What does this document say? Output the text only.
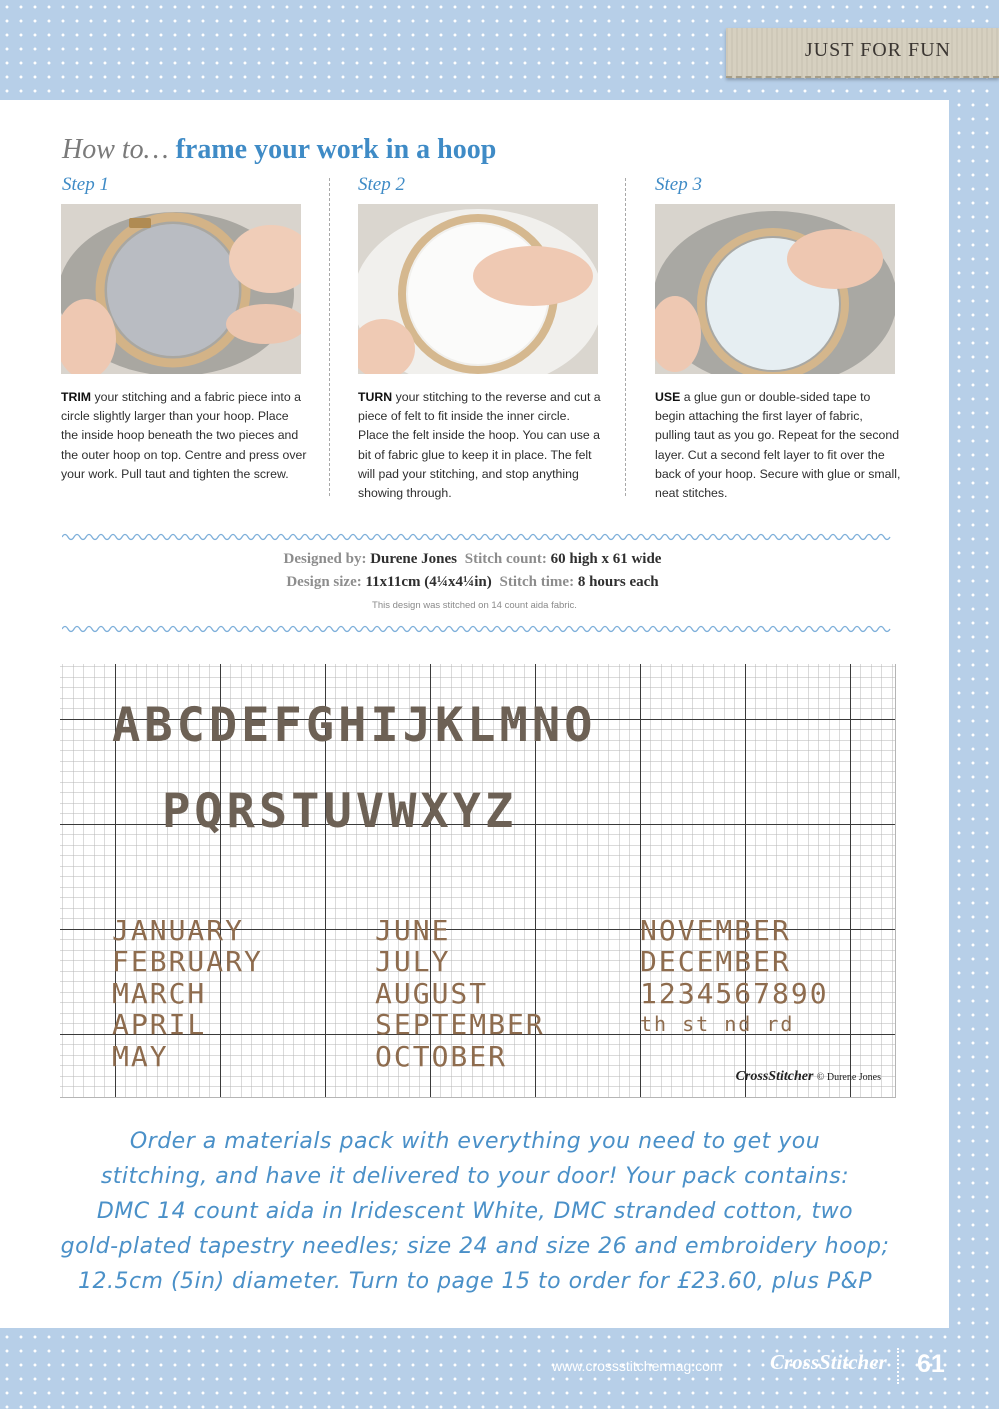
JUST FOR FUN
How to… frame your work in a hoop
Step 1
TRIM your stitching and a fabric piece into a circle slightly larger than your hoop. Place the inside hoop beneath the two pieces and the outer hoop on top. Centre and press over your work. Pull taut and tighten the screw.
Step 2
TURN your stitching to the reverse and cut a piece of felt to fit inside the inner circle. Place the felt inside the hoop. You can use a bit of fabric glue to keep it in place. The felt will pad your stitching, and stop anything showing through.
Step 3
USE a glue gun or double-sided tape to begin attaching the first layer of fabric, pulling taut as you go. Repeat for the second layer. Cut a second felt layer to fit over the back of your hoop. Secure with glue or small, neat stitches.
Designed by: Durene Jones Stitch count: 60 high x 61 wide
Design size: 11x11cm (4¼x4¼in) Stitch time: 8 hours each
This design was stitched on 14 count aida fabric.
ABCDEFGHIJKLMNO
PQRSTUVWXYZ
JANUARY
FEBRUARY
MARCH
APRIL
MAY
JUNE
JULY
AUGUST
SEPTEMBER
OCTOBER
NOVEMBER
DECEMBER
1234567890
th st nd rd
CrossStitcher © Durene Jones
Order a materials pack with everything you need to get you
stitching, and have it delivered to your door! Your pack contains:
DMC 14 count aida in Iridescent White, DMC stranded cotton, two
gold-plated tapestry needles; size 24 and size 26 and embroidery hoop;
12.5cm (5in) diameter. Turn to page 15 to order for £23.60, plus P&P
www.crossstitchermag.com CrossStitcher 61
